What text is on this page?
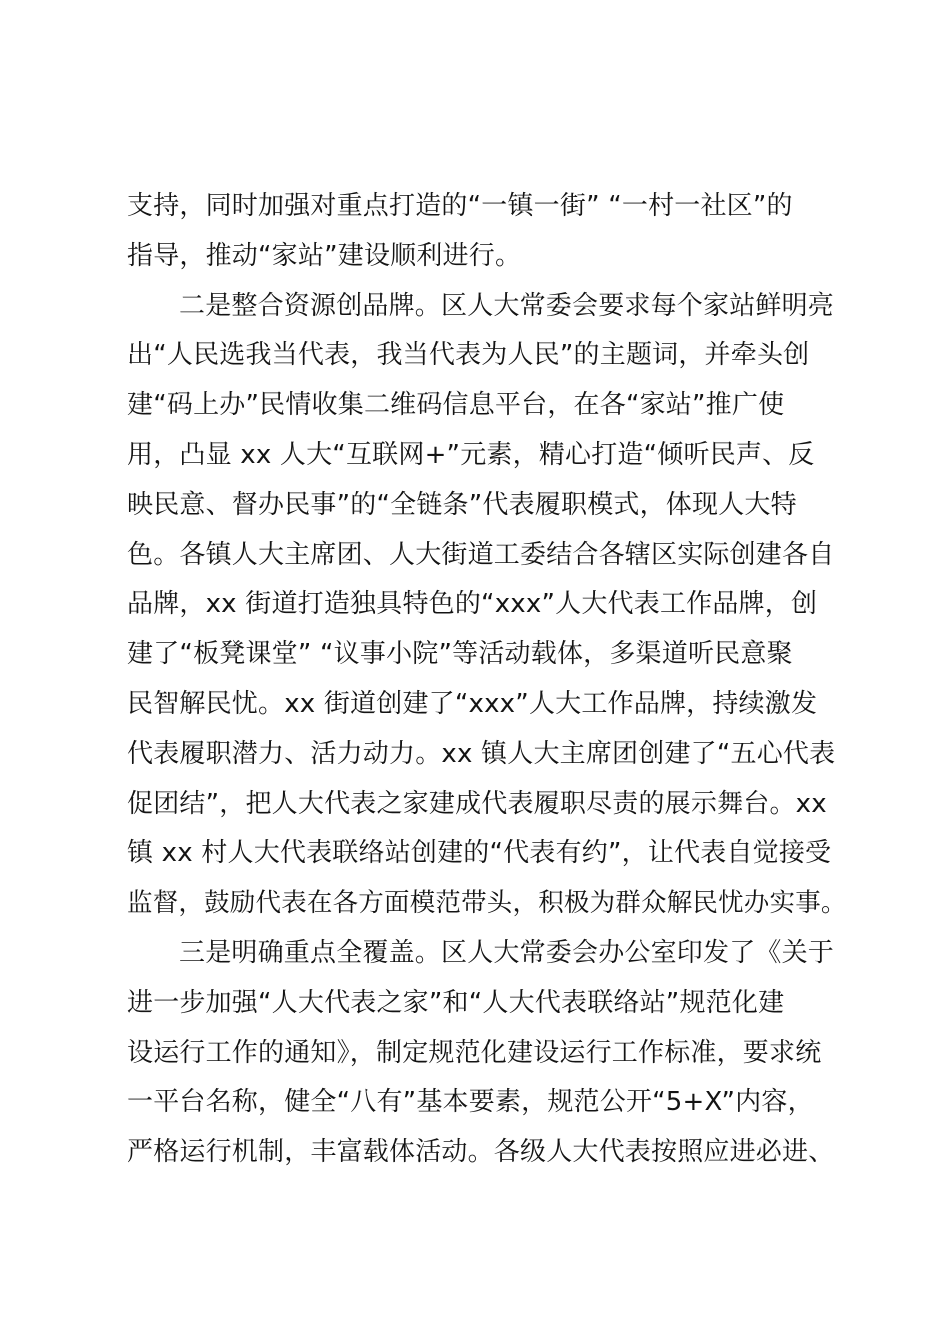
支持，同时加强对重点打造的“一镇一街” “一村一社区”的
指导，推动“家站”建设顺利进行。
二是整合资源创品牌。区人大常委会要求每个家站鲜明亮
出“人民选我当代表，我当代表为人民”的主题词，并牵头创
建“码上办”民情收集二维码信息平台，在各“家站”推广使
用，凸显 xx 人大“互联网+”元素，精心打造“倾听民声、反
映民意、督办民事”的“全链条”代表履职模式，体现人大特
色。各镇人大主席团、人大街道工委结合各辖区实际创建各自
品牌，xx 街道打造独具特色的“xxx”人大代表工作品牌，创
建了“板凳课堂” “议事小院”等活动载体，多渠道听民意聚
民智解民忧。xx 街道创建了“xxx”人大工作品牌，持续激发
代表履职潜力、活力动力。xx 镇人大主席团创建了“五心代表
促团结”，把人大代表之家建成代表履职尽责的展示舞台。xx
镇 xx 村人大代表联络站创建的“代表有约”，让代表自觉接受
监督，鼓励代表在各方面模范带头，积极为群众解民忧办实事。
三是明确重点全覆盖。区人大常委会办公室印发了《关于
进一步加强“人大代表之家”和“人大代表联络站”规范化建
设运行工作的通知》，制定规范化建设运行工作标准，要求统
一平台名称，健全“八有”基本要素，规范公开“5+X”内容，
严格运行机制，丰富载体活动。各级人大代表按照应进必进、
